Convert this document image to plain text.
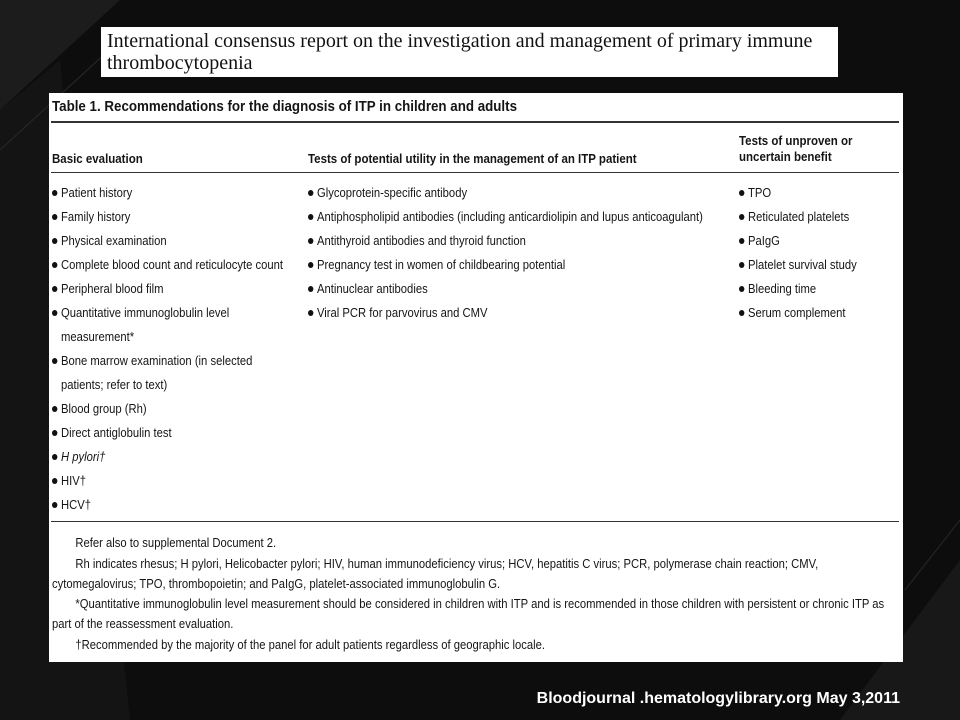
International consensus report on the investigation and management of primary immune thrombocytopenia
Table 1. Recommendations for the diagnosis of ITP in children and adults
Basic evaluation	Tests of potential utility in the management of an ITP patient
Tests of unproven or uncertain benefit
Patient history
Family history
Physical examination
Complete blood count and reticulocyte count
Peripheral blood film
Quantitative immunoglobulin level measurement*
Bone marrow examination (in selected patients; refer to text)
Blood group (Rh)
Direct antiglobulin test
H pylori†
HIV†
HCV†
Glycoprotein-specific antibody
Antiphospholipid antibodies (including anticardiolipin and lupus anticoagulant)
Antithyroid antibodies and thyroid function
Pregnancy test in women of childbearing potential
Antinuclear antibodies
Viral PCR for parvovirus and CMV
TPO
Reticulated platelets
PaIgG
Platelet survival study
Bleeding time
Serum complement
Refer also to supplemental Document 2.
Rh indicates rhesus; H pylori, Helicobacter pylori; HIV, human immunodeficiency virus; HCV, hepatitis C virus; PCR, polymerase chain reaction; CMV, cytomegalovirus; TPO, thrombopoietin; and PaIgG, platelet-associated immunoglobulin G.
*Quantitative immunoglobulin level measurement should be considered in children with ITP and is recommended in those children with persistent or chronic ITP as part of the reassessment evaluation.
†Recommended by the majority of the panel for adult patients regardless of geographic locale.
Bloodjournal .hematologylibrary.org May 3,2011
